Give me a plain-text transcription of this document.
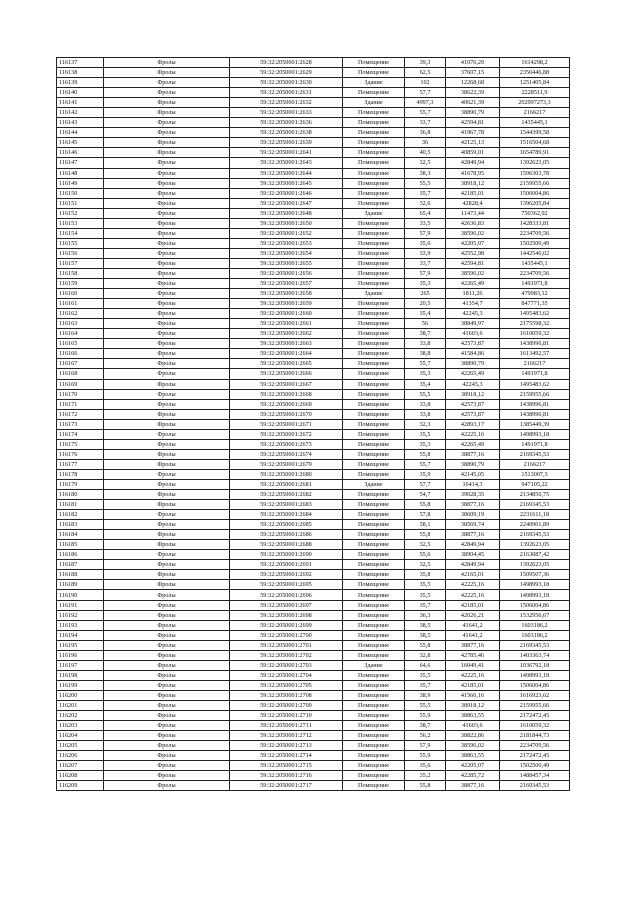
116137	Фролы	59:32:2050001:2628	Помещение	39,3	41076,29	1614298,2
116138	Фролы	59:32:2050001:2629	Помещение	62,5	37607,15	2350446,88
116139	Фролы	59:32:2050001:2630	Здание	102	12268,68	1251405,84
116140	Фролы	59:32:2050001:2631	Помещение	57,7	38622,39	2228511,9
116141	Фролы	59:32:2050001:2632	Здание	4997,3	40621,39	202997273,3
116142	Фролы	59:32:2050001:2633	Помещение	55,7	38890,79	2166217
116143	Фролы	59:32:2050001:2636	Помещение	33,7	42594,81	1435445,1
116144	Фролы	59:32:2050001:2638	Помещение	36,8	41967,78	1544399,58
116145	Фролы	59:32:2050001:2639	Помещение	36	42125,13	1516504,68
116146	Фролы	59:32:2050001:2641	Помещение	40,5	40859,01	1654789,91
116147	Фролы	59:32:2050001:2643	Помещение	32,5	42849,94	1392623,05
116148	Фролы	59:32:2050001:2644	Помещение	38,3	41678,95	1596303,78
116149	Фролы	59:32:2050001:2645	Помещение	55,5	38918,12	2159955,66
116150	Фролы	59:32:2050001:2646	Помещение	35,7	42185,01	1506004,86
116151	Фролы	59:32:2050001:2647	Помещение	32,6	42828,4	1396205,84
116152	Фролы	59:32:2050001:2648	Здание	65,4	11473,44	750362,92
116153	Фролы	59:32:2050001:2650	Помещение	33,5	42636,83	1428333,81
116154	Фролы	59:32:2050001:2652	Помещение	57,9	38596,02	2234709,56
116155	Фролы	59:32:2050001:2653	Помещение	35,6	42205,07	1502500,49
116156	Фролы	59:32:2050001:2654	Помещение	33,9	42552,98	1442546,02
116157	Фролы	59:32:2050001:2655	Помещение	33,7	42594,81	1435445,1
116158	Фролы	59:32:2050001:2656	Помещение	57,9	38596,02	2234709,56
116159	Фролы	59:32:2050001:2657	Помещение	35,3	42265,49	1491971,8
116160	Фролы	59:32:2050001:2658	Здание	265	1811,26	479983,12
116161	Фролы	59:32:2050001:2659	Помещение	20,5	41354,7	847771,35
116162	Фролы	59:32:2050001:2660	Помещение	35,4	42245,3	1495483,62
116163	Фролы	59:32:2050001:2661	Помещение	56	38849,97	2175598,32
116164	Фролы	59:32:2050001:2662	Помещение	38,7	41603,6	1610059,32
116165	Фролы	59:32:2050001:2663	Помещение	33,8	42573,87	1438996,81
116166	Фролы	59:32:2050001:2664	Помещение	38,8	41584,86	1613492,57
116167	Фролы	59:32:2050001:2665	Помещение	55,7	38890,79	2166217
116168	Фролы	59:32:2050001:2666	Помещение	35,3	42265,49	1491971,8
116169	Фролы	59:32:2050001:2667	Помещение	35,4	42245,3	1495483,62
116170	Фролы	59:32:2050001:2668	Помещение	55,5	38918,12	2159955,66
116171	Фролы	59:32:2050001:2669	Помещение	33,8	42573,87	1438996,81
116172	Фролы	59:32:2050001:2670	Помещение	33,8	42573,87	1438996,81
116173	Фролы	59:32:2050001:2671	Помещение	32,3	42893,17	1385449,39
116174	Фролы	59:32:2050001:2672	Помещение	35,5	42225,16	1498993,18
116175	Фролы	59:32:2050001:2673	Помещение	35,3	42265,49	1491971,8
116176	Фролы	59:32:2050001:2674	Помещение	55,8	38877,16	2169345,53
116177	Фролы	59:32:2050001:2679	Помещение	55,7	38890,79	2166217
116178	Фролы	59:32:2050001:2680	Помещение	35,9	42145,05	1513007,3
116179	Фролы	59:32:2050001:2681	Здание	57,7	16414,3	947105,22
116180	Фролы	59:32:2050001:2682	Помещение	54,7	39028,35	2134850,75
116181	Фролы	59:32:2050001:2683	Помещение	55,8	38877,16	2169345,53
116182	Фролы	59:32:2050001:2684	Помещение	57,8	38609,19	2231611,18
116183	Фролы	59:32:2050001:2685	Помещение	58,1	38569,74	2240901,89
116184	Фролы	59:32:2050001:2686	Помещение	55,8	38877,16	2169345,53
116185	Фролы	59:32:2050001:2688	Помещение	32,5	42849,94	1392623,05
116186	Фролы	59:32:2050001:2690	Помещение	55,6	38904,45	2163087,42
116187	Фролы	59:32:2050001:2691	Помещение	32,5	42849,94	1392623,05
116188	Фролы	59:32:2050001:2692	Помещение	35,8	42165,01	1509507,36
116189	Фролы	59:32:2050001:2695	Помещение	35,5	42225,16	1498993,18
116190	Фролы	59:32:2050001:2696	Помещение	35,5	42225,16	1498993,18
116191	Фролы	59:32:2050001:2697	Помещение	35,7	42185,01	1506004,86
116192	Фролы	59:32:2050001:2698	Помещение	36,3	42026,21	1532956,67
116193	Фролы	59:32:2050001:2699	Помещение	38,5	41641,2	1603186,2
116194	Фролы	59:32:2050001:2700	Помещение	38,5	41641,2	1603186,2
116195	Фролы	59:32:2050001:2701	Помещение	55,8	38877,16	2169345,53
116196	Фролы	59:32:2050001:2702	Помещение	32,8	42785,46	1403363,74
116197	Фролы	59:32:2050001:2703	Здание	64,6	16049,41	1036792,18
116198	Фролы	59:32:2050001:2704	Помещение	35,5	42225,16	1498993,18
116199	Фролы	59:32:2050001:2705	Помещение	35,7	42185,01	1506004,86
116200	Фролы	59:32:2050001:2708	Помещение	38,9	41566,16	1616923,62
116201	Фролы	59:32:2050001:2709	Помещение	55,5	38918,12	2159955,66
116202	Фролы	59:32:2050001:2710	Помещение	55,9	38863,55	2172472,45
116203	Фролы	59:32:2050001:2711	Помещение	38,7	41603,6	1610059,32
116204	Фролы	59:32:2050001:2712	Помещение	56,2	38822,86	2181844,73
116205	Фролы	59:32:2050001:2713	Помещение	57,9	38596,02	2234709,56
116206	Фролы	59:32:2050001:2714	Помещение	55,9	38863,55	2172472,45
116207	Фролы	59:32:2050001:2715	Помещение	35,6	42205,07	1502500,49
116208	Фролы	59:32:2050001:2716	Помещение	35,2	42285,72	1488457,34
116209	Фролы	59:32:2050001:2717	Помещение	55,8	38877,16	2169345,53
